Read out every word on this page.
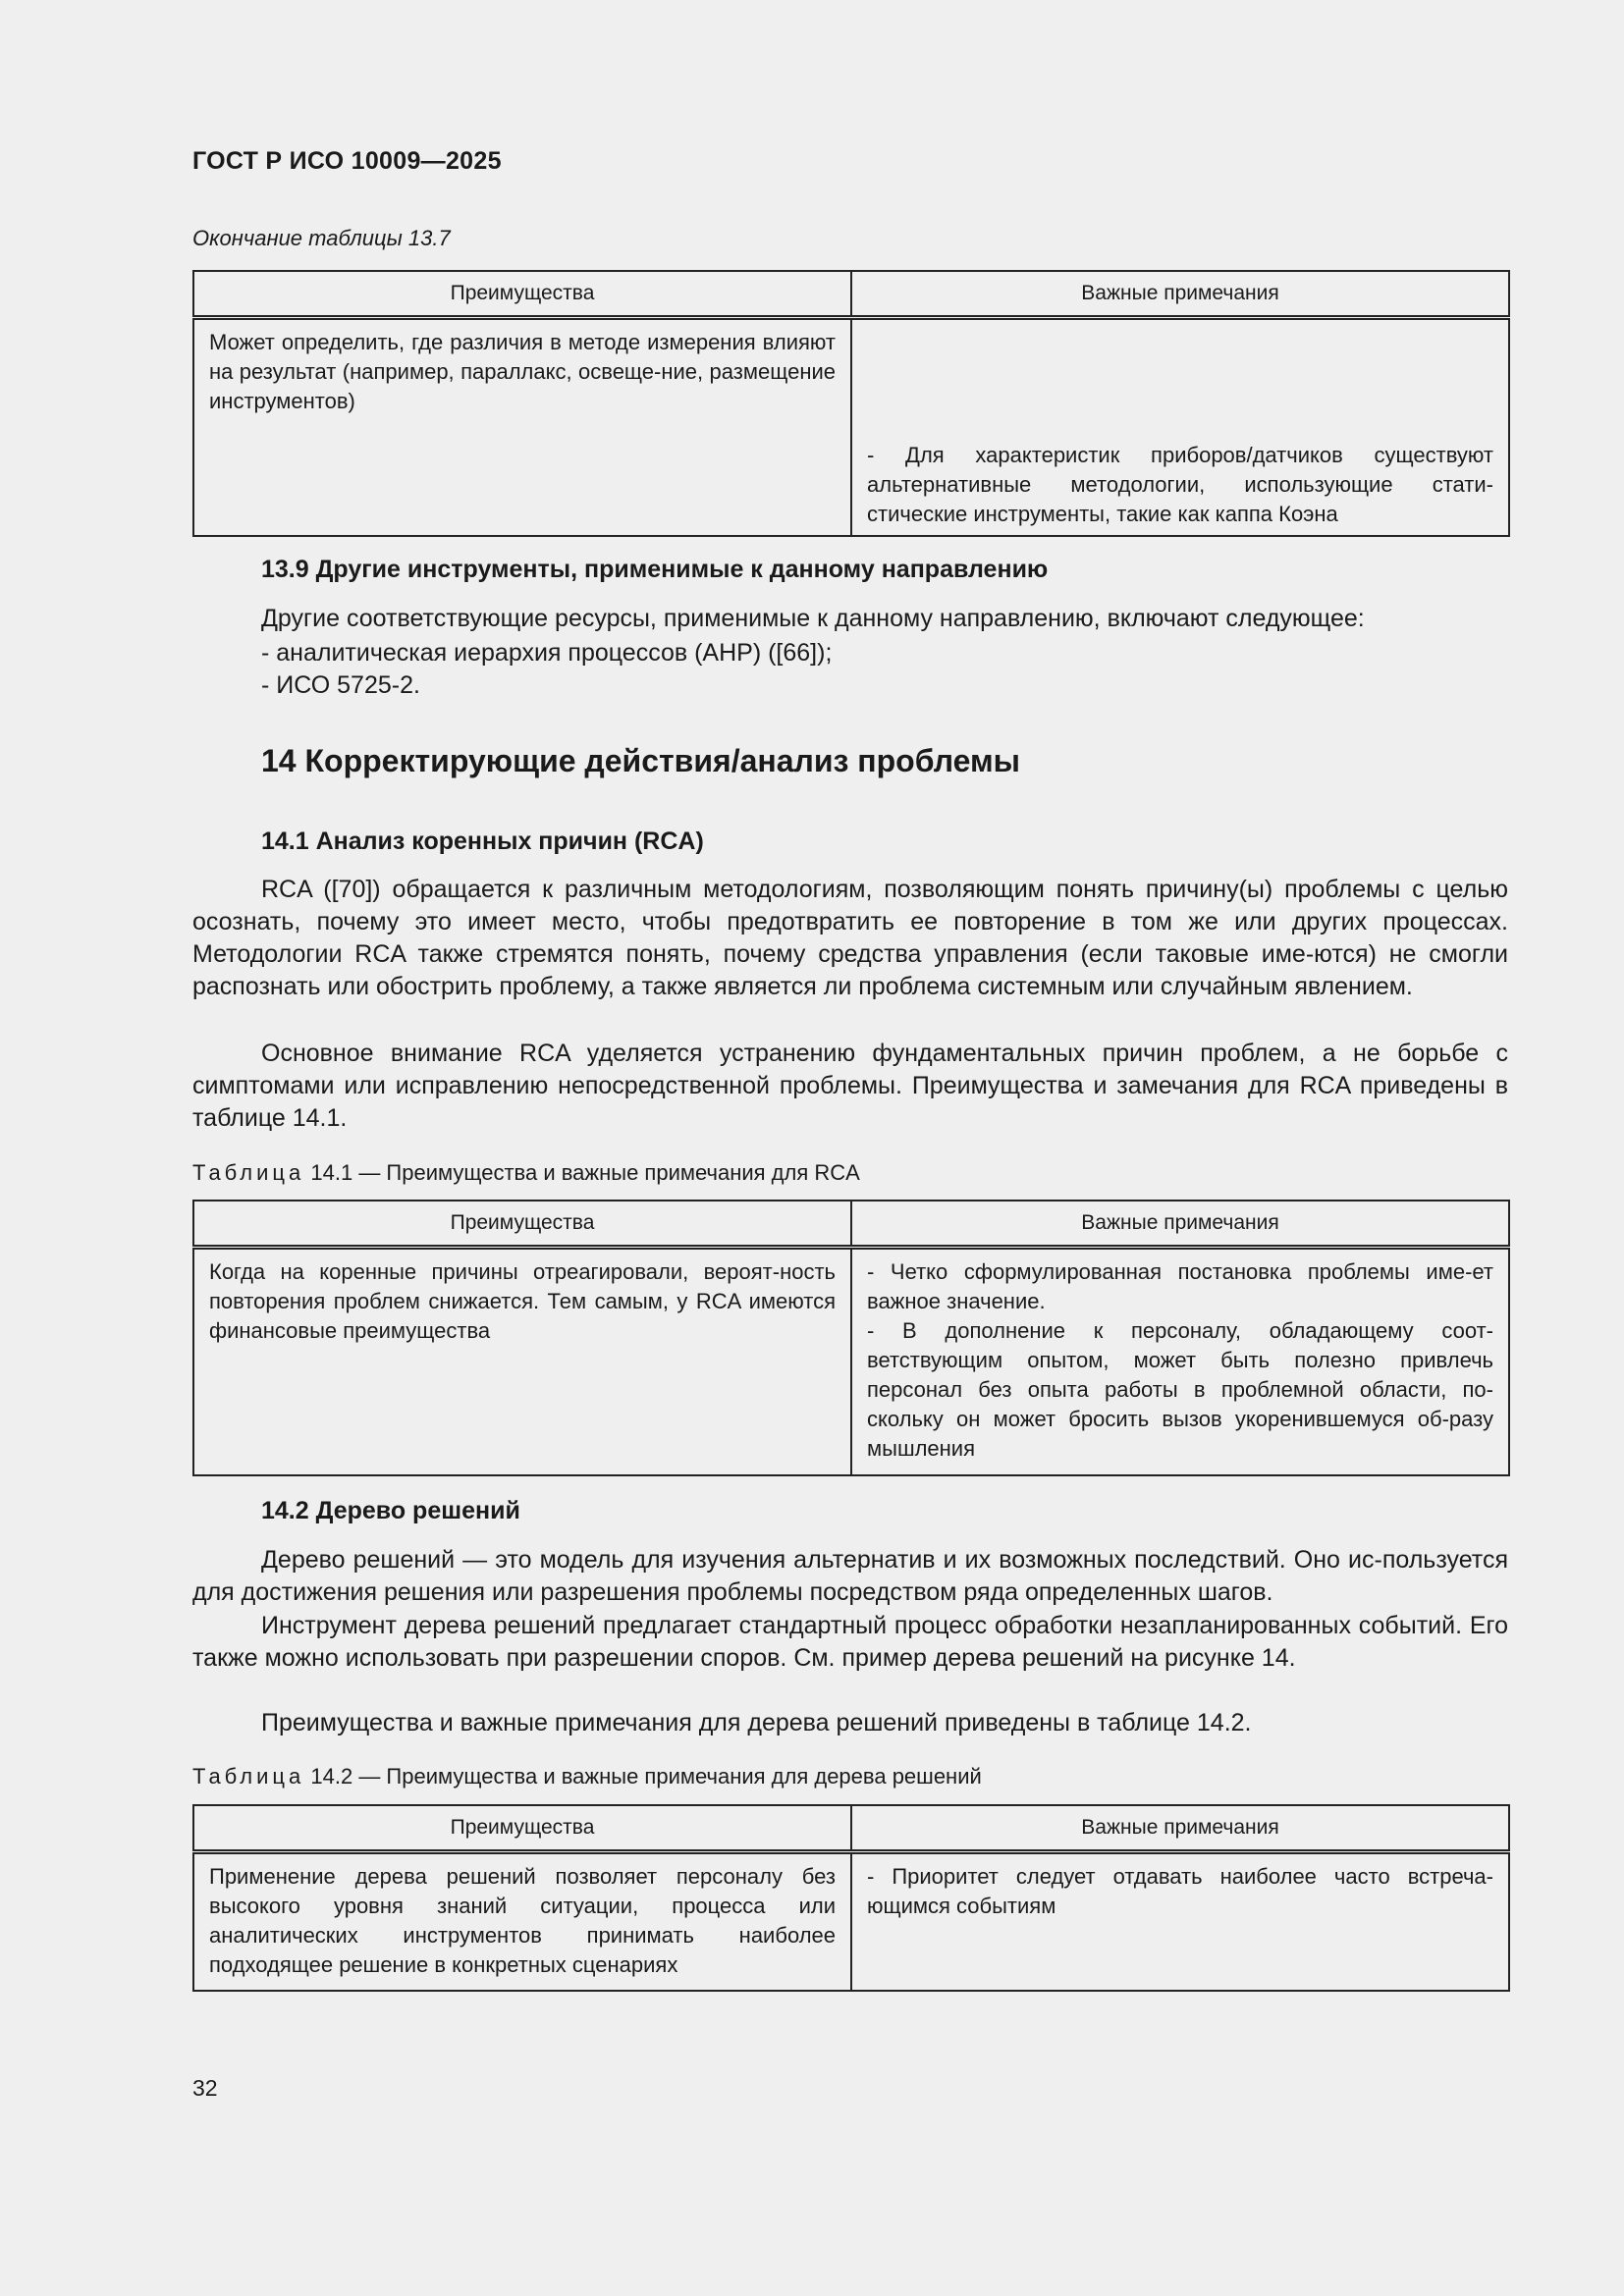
ГОСТ Р ИСО 10009—2025
Окончание таблицы 13.7
Преимущества	Важные примечания
Может определить, где различия в методе измерения влияют на результат (например, параллакс, освеще-ние, размещение инструментов)	- Для характеристик приборов/датчиков существуют альтернативные методологии, использующие стати-стические инструменты, такие как каппа Коэна
13.9 Другие инструменты, применимые к данному направлению
Другие соответствующие ресурсы, применимые к данному направлению, включают следующее:
- аналитическая иерархия процессов (АНР) ([66]);
- ИСО 5725-2.
14 Корректирующие действия/анализ проблемы
14.1 Анализ коренных причин (RCA)
RCA ([70]) обращается к различным методологиям, позволяющим понять причину(ы) проблемы с целью осознать, почему это имеет место, чтобы предотвратить ее повторение в том же или других процессах. Методологии RCA также стремятся понять, почему средства управления (если таковые име-ются) не смогли распознать или обострить проблему, а также является ли проблема системным или случайным явлением.
Основное внимание RCA уделяется устранению фундаментальных причин проблем, а не борьбе с симптомами или исправлению непосредственной проблемы. Преимущества и замечания для RCA приведены в таблице 14.1.
Таблица 14.1 — Преимущества и важные примечания для RCA
Преимущества	Важные примечания
Когда на коренные причины отреагировали, вероят-ность повторения проблем снижается. Тем самым, у RCA имеются финансовые преимущества	- Четко сформулированная постановка проблемы име-ет важное значение.
- В дополнение к персоналу, обладающему соот-ветствующим опытом, может быть полезно привлечь персонал без опыта работы в проблемной области, по-скольку он может бросить вызов укоренившемуся об-разу мышления
14.2 Дерево решений
Дерево решений — это модель для изучения альтернатив и их возможных последствий. Оно ис-пользуется для достижения решения или разрешения проблемы посредством ряда определенных шагов.
Инструмент дерева решений предлагает стандартный процесс обработки незапланированных событий. Его также можно использовать при разрешении споров. См. пример дерева решений на рисунке 14.
Преимущества и важные примечания для дерева решений приведены в таблице 14.2.
Таблица 14.2 — Преимущества и важные примечания для дерева решений
Преимущества	Важные примечания
Применение дерева решений позволяет персоналу без высокого уровня знаний ситуации, процесса или аналитических инструментов принимать наиболее подходящее решение в конкретных сценариях	- Приоритет следует отдавать наиболее часто встреча-ющимся событиям
32
